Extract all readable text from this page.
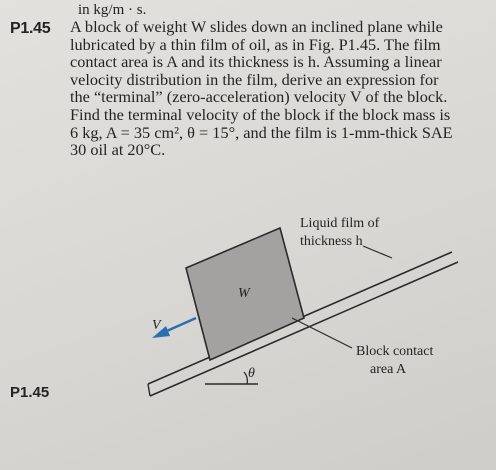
in kg/m · s.
P1.45 A block of weight W slides down an inclined plane while
lubricated by a thin film of oil, as in Fig. P1.45. The film
contact area is A and its thickness is h. Assuming a linear
velocity distribution in the film, derive an expression for
the “terminal” (zero-acceleration) velocity V of the block.
Find the terminal velocity of the block if the block mass is
6 kg, A = 35 cm², θ = 15°, and the film is 1-mm-thick SAE
30 oil at 20°C.

Liquid film of
thickness h
W
V
Block contact
area A
θ
P1.45
